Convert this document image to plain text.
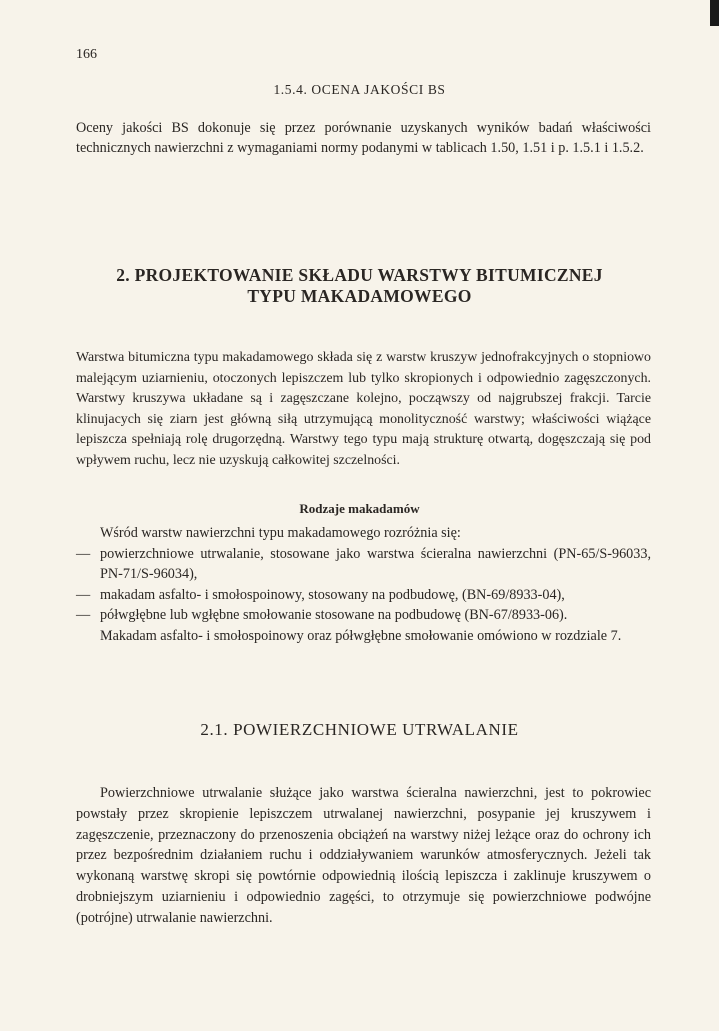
166
1.5.4. OCENA JAKOŚCI BS
Oceny jakości BS dokonuje się przez porównanie uzyskanych wyników badań właściwości technicznych nawierzchni z wymaganiami normy podanymi w tablicach 1.50, 1.51 i p. 1.5.1 i 1.5.2.
2. PROJEKTOWANIE SKŁADU WARSTWY BITUMICZNEJ
TYPU MAKADAMOWEGO
Warstwa bitumiczna typu makadamowego składa się z warstw kruszyw jednofrakcyjnych o stopniowo malejącym uziarnieniu, otoczonych lepiszczem lub tylko skropionych i odpowiednio zagęszczonych. Warstwy kruszywa układane są i zagęszczane kolejno, począwszy od najgrubszej frakcji. Tarcie klinujacych się ziarn jest główną siłą utrzymującą monolityczność warstwy; właściwości wiążące lepiszcza spełniają rolę drugorzędną. Warstwy tego typu mają strukturę otwartą, dogęszczają się pod wpływem ruchu, lecz nie uzyskują całkowitej szczelności.
Rodzaje makadamów
Wśród warstw nawierzchni typu makadamowego rozróżnia się:
— powierzchniowe utrwalanie, stosowane jako warstwa ścieralna nawierzchni (PN-65/S-96033, PN-71/S-96034),
— makadam asfalto- i smołospoinowy, stosowany na podbudowę, (BN-69/8933-04),
— półwgłębne lub wgłębne smołowanie stosowane na podbudowę (BN-67/8933-06).
Makadam asfalto- i smołospoinowy oraz półwgłębne smołowanie omówiono w rozdziale 7.
2.1. POWIERZCHNIOWE UTRWALANIE
Powierzchniowe utrwalanie służące jako warstwa ścieralna nawierzchni, jest to pokrowiec powstały przez skropienie lepiszczem utrwalanej nawierzchni, posypanie jej kruszywem i zagęszczenie, przeznaczony do przenoszenia obciążeń na warstwy niżej leżące oraz do ochrony ich przez bezpośrednim działaniem ruchu i oddziaływaniem warunków atmosferycznych. Jeżeli tak wykonaną warstwę skropi się powtórnie odpowiednią ilością lepiszcza i zaklinuje kruszywem o drobniejszym uziarnieniu i odpowiednio zagęści, to otrzymuje się powierzchniowe podwójne (potrójne) utrwalanie nawierzchni.
